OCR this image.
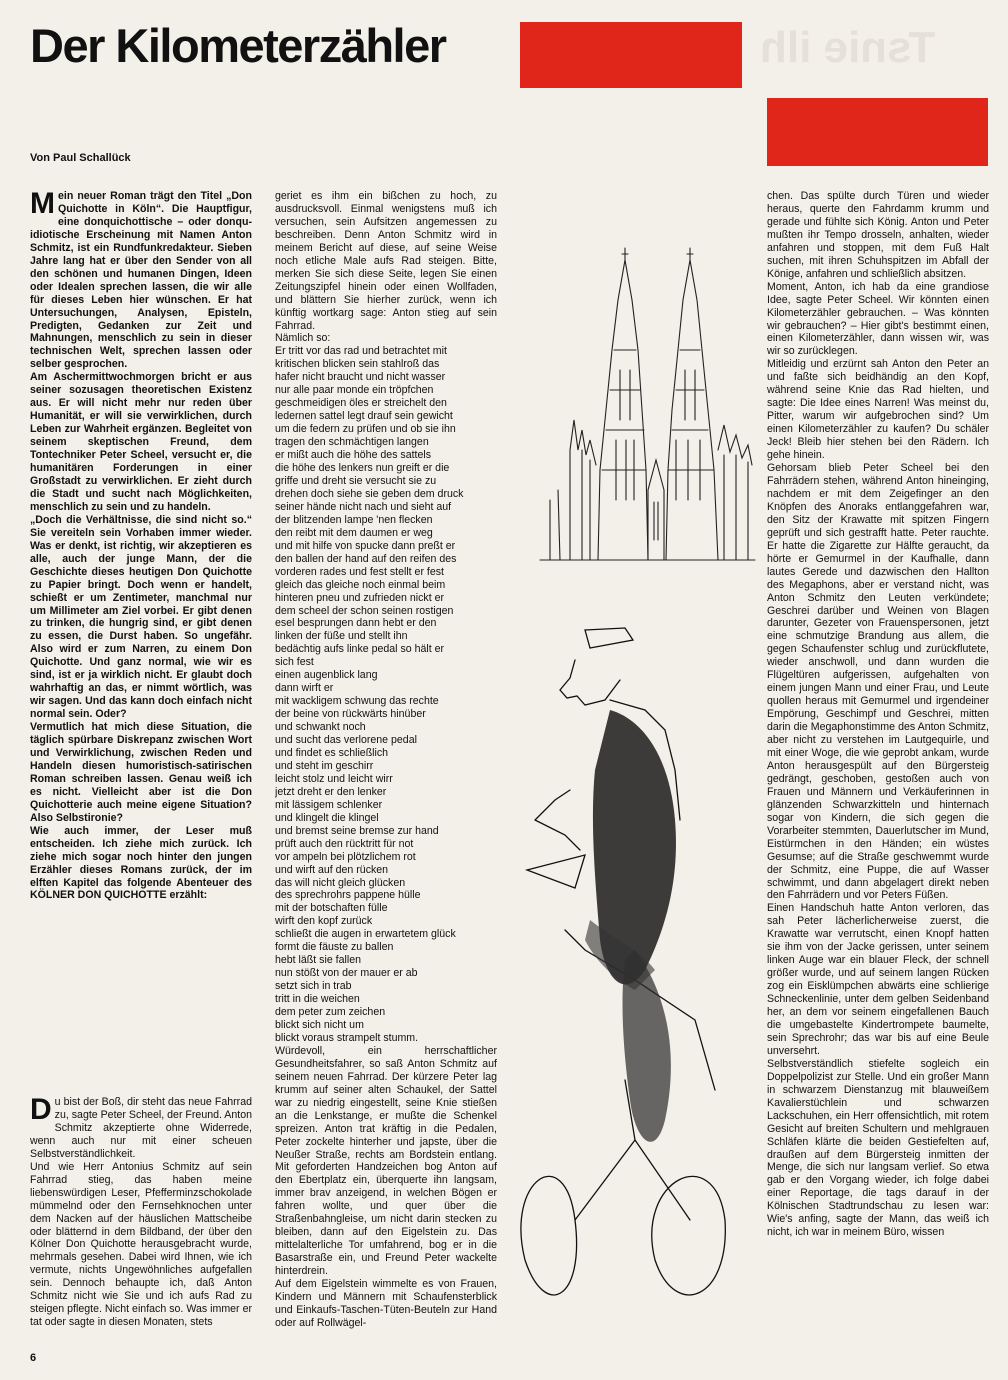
Tsnie ilh
Der Kilometerzähler

Von Paul Schallück

Mein neuer Roman trägt den Titel „Don Quichotte in Köln“. Die Hauptfigur, eine donquichottische – oder donqu-idiotische Erscheinung mit Namen Anton Schmitz, ist ein Rundfunkredakteur. Sieben Jahre lang hat er über den Sender von all den schönen und humanen Dingen, Ideen oder Idealen sprechen lassen, die wir alle für dieses Leben hier wünschen. Er hat Untersuchungen, Analysen, Episteln, Predigten, Gedanken zur Zeit und Mahnungen, menschlich zu sein in dieser technischen Welt, sprechen lassen oder selber gesprochen.

Am Aschermittwochmorgen bricht er aus seiner sozusagen theoretischen Existenz aus. Er will nicht mehr nur reden über Humanität, er will sie verwirklichen, durch Leben zur Wahrheit ergänzen. Begleitet von seinem skeptischen Freund, dem Tontechniker Peter Scheel, versucht er, die humanitären Forderungen in einer Großstadt zu verwirklichen. Er zieht durch die Stadt und sucht nach Möglichkeiten, menschlich zu sein und zu handeln.

„Doch die Verhältnisse, die sind nicht so.“ Sie vereiteln sein Vorhaben immer wieder. Was er denkt, ist richtig, wir akzeptieren es alle, auch der junge Mann, der die Geschichte dieses heutigen Don Quichotte zu Papier bringt. Doch wenn er handelt, schießt er um Zentimeter, manchmal nur um Millimeter am Ziel vorbei. Er gibt denen zu trinken, die hungrig sind, er gibt denen zu essen, die Durst haben. So ungefähr. Also wird er zum Narren, zu einem Don Quichotte. Und ganz normal, wie wir es sind, ist er ja wirklich nicht. Er glaubt doch wahrhaftig an das, er nimmt wörtlich, was wir sagen. Und das kann doch einfach nicht normal sein. Oder?

Vermutlich hat mich diese Situation, die täglich spürbare Diskrepanz zwischen Wort und Verwirklichung, zwischen Reden und Handeln diesen humoristisch-satirischen Roman schreiben lassen. Genau weiß ich es nicht. Vielleicht aber ist die Don Quichotterie auch meine eigene Situation? Also Selbstironie?

Wie auch immer, der Leser muß entscheiden. Ich ziehe mich zurück. Ich ziehe mich sogar noch hinter den jungen Erzähler dieses Romans zurück, der im elften Kapitel das folgende Abenteuer des KÖLNER DON QUICHOTTE erzählt:

Du bist der Boß, dir steht das neue Fahrrad zu, sagte Peter Scheel, der Freund. Anton Schmitz akzeptierte ohne Widerrede, wenn auch nur mit einer scheuen Selbstverständlichkeit.

Und wie Herr Antonius Schmitz auf sein Fahrrad stieg, das haben meine liebenswürdigen Leser, Pfefferminzschokolade mümmelnd oder den Fernsehknochen unter dem Nacken auf der häuslichen Mattscheibe oder blätternd in dem Bildband, der über den Kölner Don Quichotte herausgebracht wurde, mehrmals gesehen. Dabei wird Ihnen, wie ich vermute, nichts Ungewöhnliches aufgefallen sein. Dennoch behaupte ich, daß Anton Schmitz nicht wie Sie und ich aufs Rad zu steigen pflegte. Nicht einfach so. Was immer er tat oder sagte in diesen Monaten, stets

geriet es ihm ein bißchen zu hoch, zu ausdrucksvoll. Einmal wenigstens muß ich versuchen, sein Aufsitzen angemessen zu beschreiben. Denn Anton Schmitz wird in meinem Bericht auf diese, auf seine Weise noch etliche Male aufs Rad steigen. Bitte, merken Sie sich diese Seite, legen Sie einen Zeitungszipfel hinein oder einen Wollfaden, und blättern Sie hierher zurück, wenn ich künftig wortkarg sage: Anton stieg auf sein Fahrrad.

Nämlich so:

Er tritt vor das rad und betrachtet mit
kritischen blicken sein stahlroß das
hafer nicht braucht und nicht wasser
nur alle paar monde ein tröpfchen
geschmeidigen öles er streichelt den
ledernen sattel legt drauf sein gewicht
um die federn zu prüfen und ob sie ihn
tragen den schmächtigen langen
er mißt auch die höhe des sattels
die höhe des lenkers nun greift er die
griffe und dreht sie versucht sie zu
drehen doch siehe sie geben dem druck
seiner hände nicht nach und sieht auf
der blitzenden lampe 'nen flecken
den reibt mit dem daumen er weg
und mit hilfe von spucke dann preßt er
den ballen der hand auf den reifen des
vorderen rades und fest stellt er fest
gleich das gleiche noch einmal beim
hinteren pneu und zufrieden nickt er
dem scheel der schon seinen rostigen
esel besprungen dann hebt er den
linken der füße und stellt ihn
bedächtig aufs linke pedal so hält er
sich fest
einen augenblick lang
dann wirft er
mit wackligem schwung das rechte
der beine von rückwärts hinüber
und schwankt noch
und sucht das verlorene pedal
und findet es schließlich
und steht im geschirr
leicht stolz und leicht wirr
jetzt dreht er den lenker
mit lässigem schlenker
und klingelt die klingel
und bremst seine bremse zur hand
prüft auch den rücktritt für not
vor ampeln bei plötzlichem rot
und wirft auf den rücken
das will nicht gleich glücken
des sprechrohrs pappene hülle
mit der botschaften fülle
wirft den kopf zurück
schließt die augen in erwartetem glück
formt die fäuste zu ballen
hebt läßt sie fallen
nun stößt von der mauer er ab
setzt sich in trab
tritt in die weichen
dem peter zum zeichen
blickt sich nicht um
blickt voraus strampelt stumm.

Würdevoll, ein herrschaftlicher Gesundheitsfahrer, so saß Anton Schmitz auf seinem neuen Fahrrad. Der kürzere Peter lag krumm auf seiner alten Schaukel, der Sattel war zu niedrig eingestellt, seine Knie stießen an die Lenkstange, er mußte die Schenkel spreizen. Anton trat kräftig in die Pedalen, Peter zockelte hinterher und japste, über die Neußer Straße, rechts am Bordstein entlang. Mit geforderten Handzeichen bog Anton auf den Ebertplatz ein, überquerte ihn langsam, immer brav anzeigend, in welchen Bögen er fahren wollte, und quer über die Straßenbahngleise, um nicht darin stecken zu bleiben, dann auf den Eigelstein zu. Das mittelalterliche Tor umfahrend, bog er in die Basarstraße ein, und Freund Peter wackelte hinterdrein.

Auf dem Eigelstein wimmelte es von Frauen, Kindern und Männern mit Schaufensterblick und Einkaufs-Taschen-Tüten-Beuteln zur Hand oder auf Rollwägel-

chen. Das spülte durch Türen und wieder heraus, querte den Fahrdamm krumm und gerade und fühlte sich König. Anton und Peter mußten ihr Tempo drosseln, anhalten, wieder anfahren und stoppen, mit dem Fuß Halt suchen, mit ihren Schuhspitzen im Abfall der Könige, anfahren und schließlich absitzen.

Moment, Anton, ich hab da eine grandiose Idee, sagte Peter Scheel. Wir könnten einen Kilometerzähler gebrauchen. – Was könnten wir gebrauchen? – Hier gibt's bestimmt einen, einen Kilometerzähler, dann wissen wir, was wir so zurücklegen.

Mitleidig und erzürnt sah Anton den Peter an und faßte sich beidhändig an den Kopf, während seine Knie das Rad hielten, und sagte: Die Idee eines Narren! Was meinst du, Pitter, warum wir aufgebrochen sind? Um einen Kilometerzähler zu kaufen? Du schäler Jeck! Bleib hier stehen bei den Rädern. Ich gehe hinein.

Gehorsam blieb Peter Scheel bei den Fahrrädern stehen, während Anton hineinging, nachdem er mit dem Zeigefinger an den Knöpfen des Anoraks entlanggefahren war, den Sitz der Krawatte mit spitzen Fingern geprüft und sich gestrafft hatte. Peter rauchte. Er hatte die Zigarette zur Hälfte geraucht, da hörte er Gemurmel in der Kaufhalle, dann lautes Gerede und dazwischen den Hallton des Megaphons, aber er verstand nicht, was Anton Schmitz den Leuten verkündete; Geschrei darüber und Weinen von Blagen darunter, Gezeter von Frauenspersonen, jetzt eine schmutzige Brandung aus allem, die gegen Schaufenster schlug und zurückflutete, wieder anschwoll, und dann wurden die Flügeltüren aufgerissen, aufgehalten von einem jungen Mann und einer Frau, und Leute quollen heraus mit Gemurmel und irgendeiner Empörung, Geschimpf und Geschrei, mitten darin die Megaphonstimme des Anton Schmitz, aber nicht zu verstehen im Lautgequirle, und mit einer Woge, die wie geprobt ankam, wurde Anton herausgespült auf den Bürgersteig gedrängt, geschoben, gestoßen auch von Frauen und Männern und Verkäuferinnen in glänzenden Schwarzkitteln und hinternach sogar von Kindern, die sich gegen die Vorarbeiter stemmten, Dauerlutscher im Mund, Eistürmchen in den Händen; ein wüstes Gesumse; auf die Straße geschwemmt wurde der Schmitz, eine Puppe, die auf Wasser schwimmt, und dann abgelagert direkt neben den Fahrrädern und vor Peters Füßen.

Einen Handschuh hatte Anton verloren, das sah Peter lächerlicherweise zuerst, die Krawatte war verrutscht, einen Knopf hatten sie ihm von der Jacke gerissen, unter seinem linken Auge war ein blauer Fleck, der schnell größer wurde, und auf seinem langen Rücken zog ein Eisklümpchen abwärts eine schlierige Schneckenlinie, unter dem gelben Seidenband her, an dem vor seinem eingefallenen Bauch die umgebastelte Kindertrompete baumelte, sein Sprechrohr; das war bis auf eine Beule unversehrt.

Selbstverständlich stiefelte sogleich ein Doppelpolizist zur Stelle. Und ein großer Mann in schwarzem Dienstanzug mit blauweißem Kavalierstüchlein und schwarzen Lackschuhen, ein Herr offensichtlich, mit rotem Gesicht auf breiten Schultern und mehlgrauen Schläfen klärte die beiden Gestiefelten auf, draußen auf dem Bürgersteig inmitten der Menge, die sich nur langsam verlief. So etwa gab er den Vorgang wieder, ich folge dabei einer Reportage, die tags darauf in der Kölnischen Stadtrundschau zu lesen war: Wie's anfing, sagte der Mann, das weiß ich nicht, ich war in meinem Büro, wissen

6
